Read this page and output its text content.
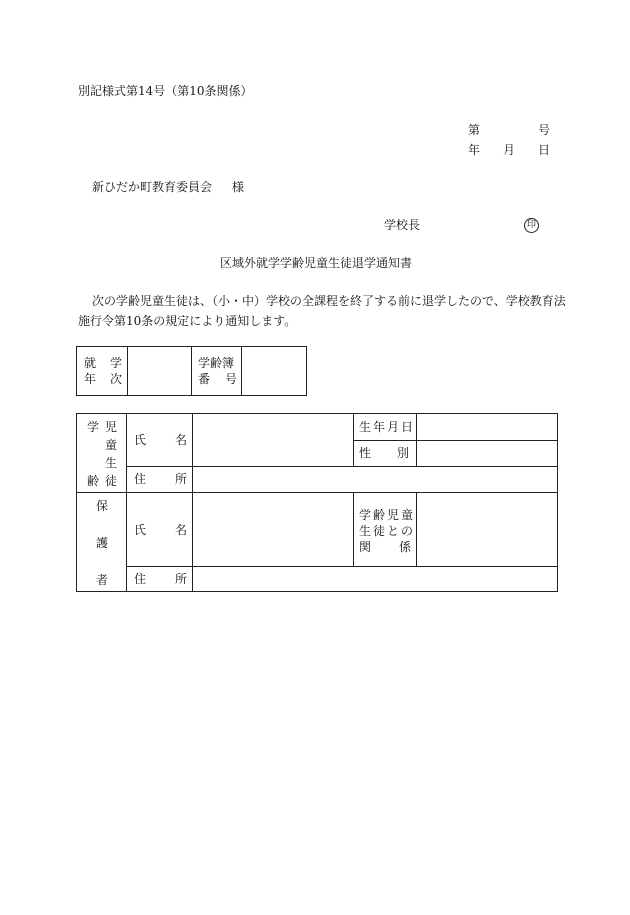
別記様式第14号（第10条関係）
第	号
年 月 日
新ひだか町教育委員会 様
学校長	印
区域外就学学齢児童生徒退学通知書
次の学齢児童生徒は、（小・中）学校の全課程を終了する前に退学したので、学校教育法
施行令第10条の規定により通知します。
就 学
年 次
学齢簿
番 号
学 児
童
生
齢 徒
氏 名
生年月日
性 別
住 所
保
護
者
氏 名
学齢児童
生徒との
関 係
住 所
